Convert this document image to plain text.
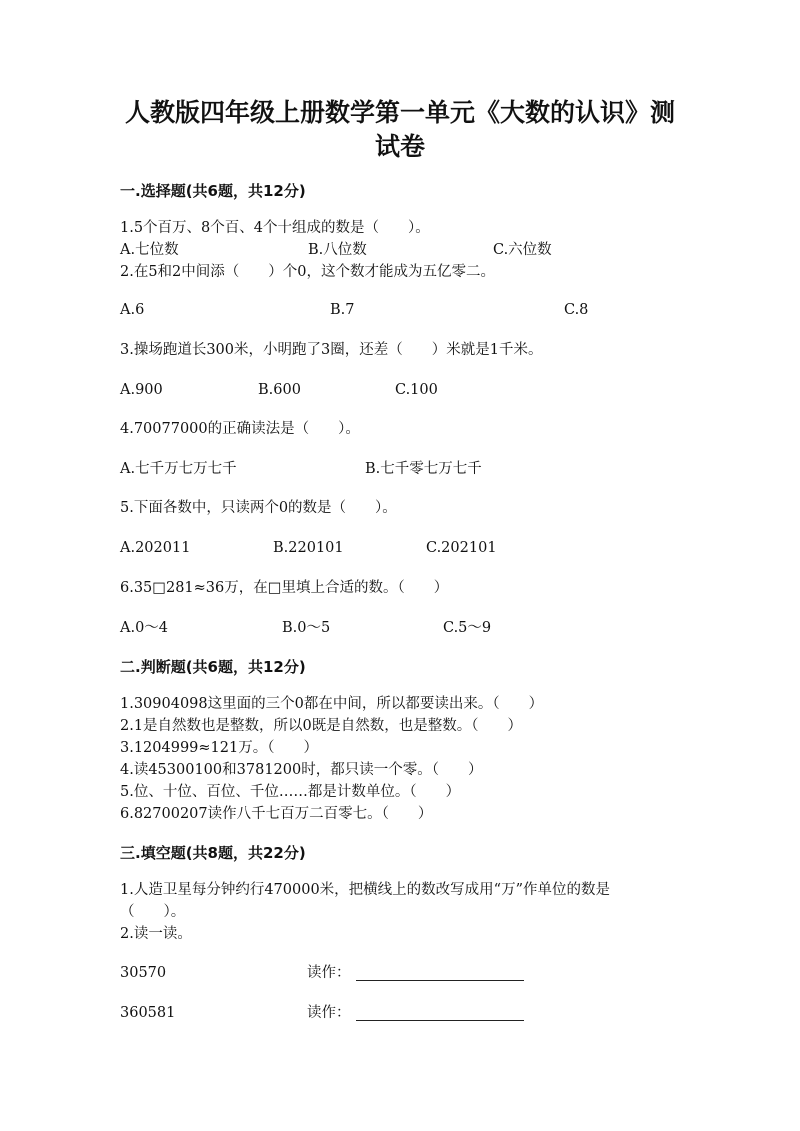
人教版四年级上册数学第一单元《大数的认识》测试卷
一.选择题(共6题，共12分)
1.5个百万、8个百、4个十组成的数是（　　）。
A.七位数	B.八位数	C.六位数
2.在5和2中间添（　　）个0，这个数才能成为五亿零二。
A.6	B.7	C.8
3.操场跑道长300米，小明跑了3圈，还差（　　）米就是1千米。
A.900	B.600	C.100
4.70077000的正确读法是（　　）。
A.七千万七万七千	B.七千零七万七千
5.下面各数中，只读两个0的数是（　　）。
A.202011	B.220101	C.202101
6.35□281≈36万，在□里填上合适的数。（　　）
A.0～4	B.0～5	C.5～9
二.判断题(共6题，共12分)
1.30904098这里面的三个0都在中间，所以都要读出来。（　　）
2.1是自然数也是整数，所以0既是自然数，也是整数。（　　）
3.1204999≈121万。（　　）
4.读45300100和3781200时，都只读一个零。（　　）
5.位、十位、百位、千位……都是计数单位。（　　）
6.82700207读作八千七百万二百零七。（　　）
三.填空题(共8题，共22分)
1.人造卫星每分钟约行470000米，把横线上的数改写成用“万”作单位的数是
（　　）。
2.读一读。
30570	读作：
360581	读作：
